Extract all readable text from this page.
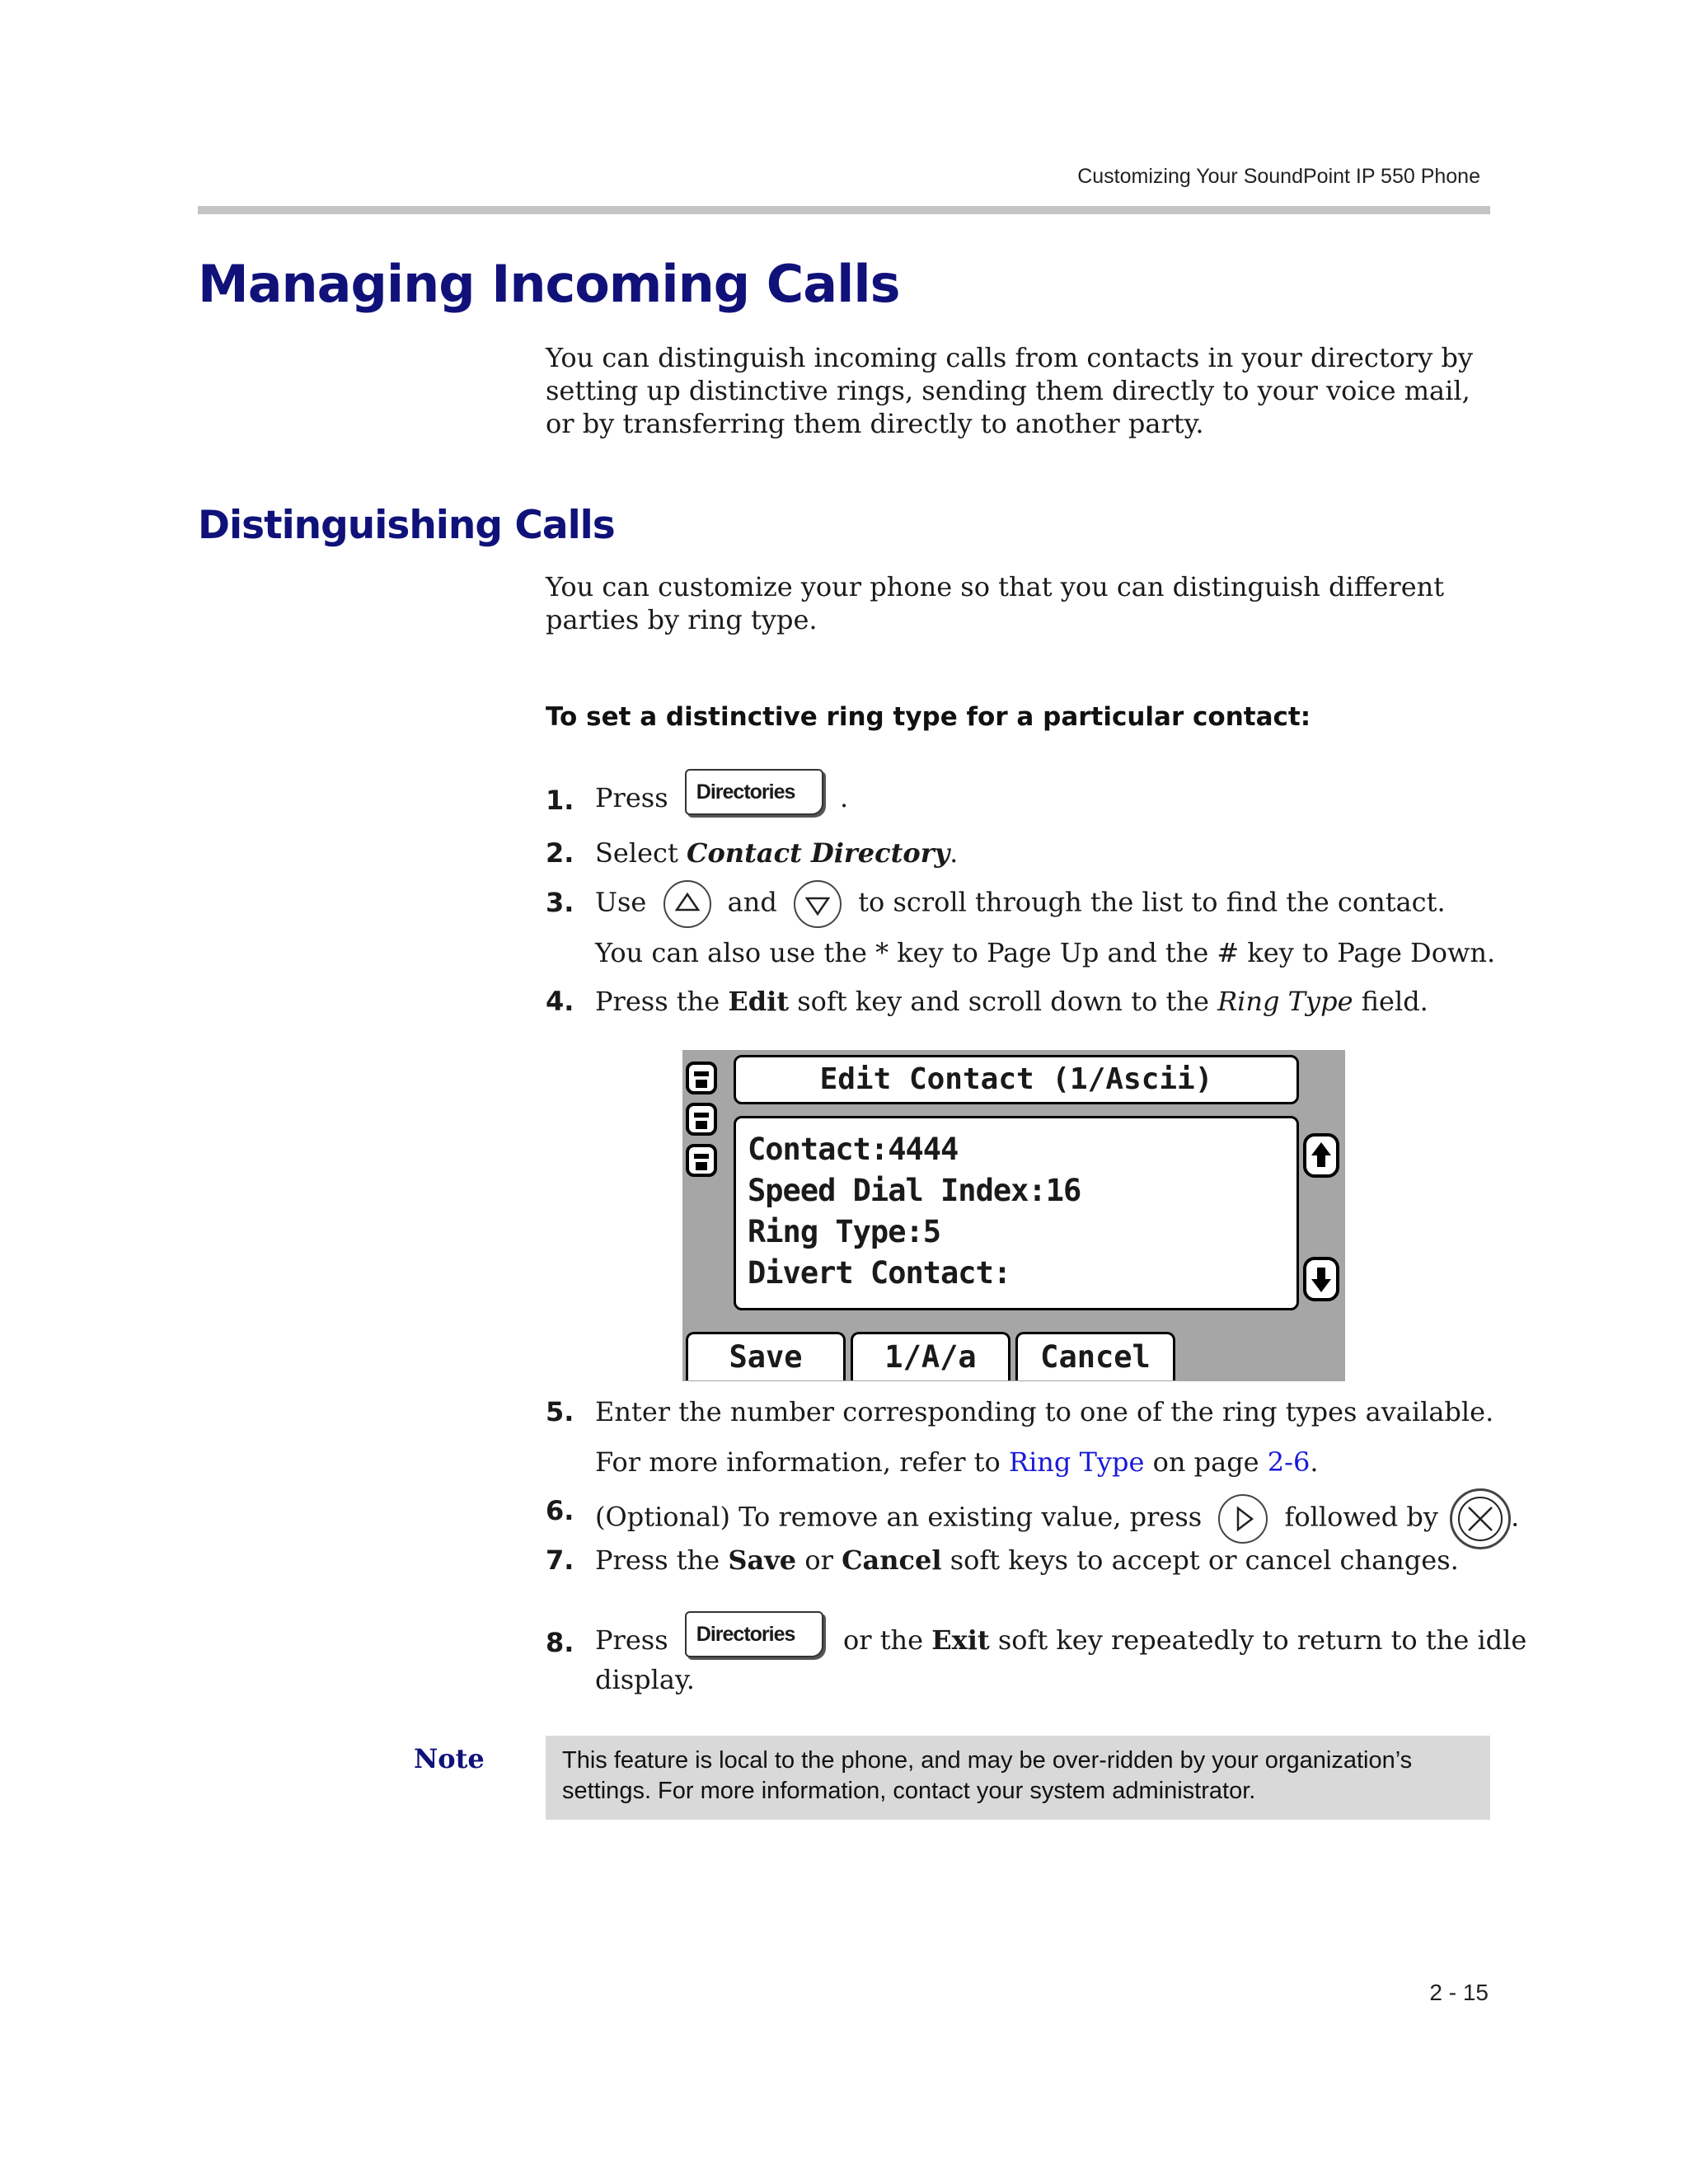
Customizing Your SoundPoint IP 550 Phone
Managing Incoming Calls
You can distinguish incoming calls from contacts in your directory by setting up distinctive rings, sending them directly to your voice mail, or by transferring them directly to another party.
Distinguishing Calls
You can customize your phone so that you can distinguish different parties by ring type.
To set a distinctive ring type for a particular contact:
1. Press Directories .
2. Select Contact Directory.
3. Use	and	to scroll through the list to find the contact.
You can also use the * key to Page Up and the # key to Page Down.
4. Press the Edit soft key and scroll down to the Ring Type field.
Edit Contact (1/Ascii)
Contact:4444
Speed Dial Index:16
Ring Type:5
Divert Contact:
Save	1/A/a	Cancel
5. Enter the number corresponding to one of the ring types available.
For more information, refer to Ring Type on page 2-6.
6. (Optional) To remove an existing value, press	followed by	.
7. Press the Save or Cancel soft keys to accept or cancel changes.
8. Press Directories or the Exit soft key repeatedly to return to the idle
display.
Note	This feature is local to the phone, and may be over-ridden by your organization’s settings. For more information, contact your system administrator.
2 - 15
